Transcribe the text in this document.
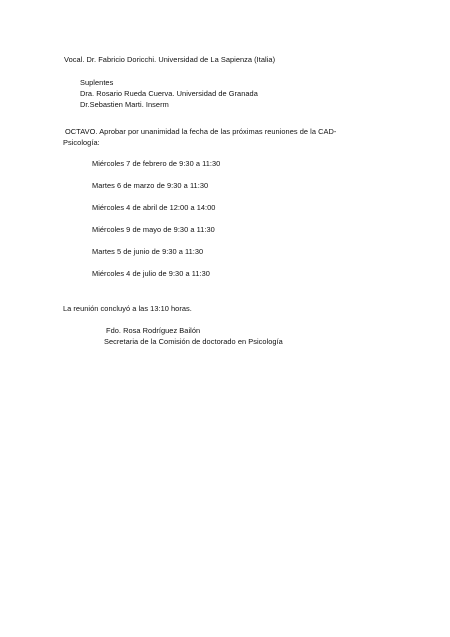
Vocal. Dr. Fabricio Doricchi. Universidad de La Sapienza (Italia)
Suplentes
Dra. Rosario Rueda Cuerva. Universidad de Granada
Dr.Sebastien Marti. Inserm
OCTAVO. Aprobar por unanimidad la fecha de las próximas reuniones de la CAD-
Psicología:
Miércoles 7 de febrero de 9:30 a 11:30
Martes 6 de marzo de 9:30 a 11:30
Miércoles 4 de abril de 12:00 a 14:00
Miércoles 9 de mayo de 9:30 a 11:30
Martes 5 de junio de 9:30 a 11:30
Miércoles 4 de julio de 9:30 a 11:30
La reunión concluyó a las 13:10 horas.
Fdo. Rosa Rodríguez Bailón
Secretaria de la Comisión de doctorado en Psicología
